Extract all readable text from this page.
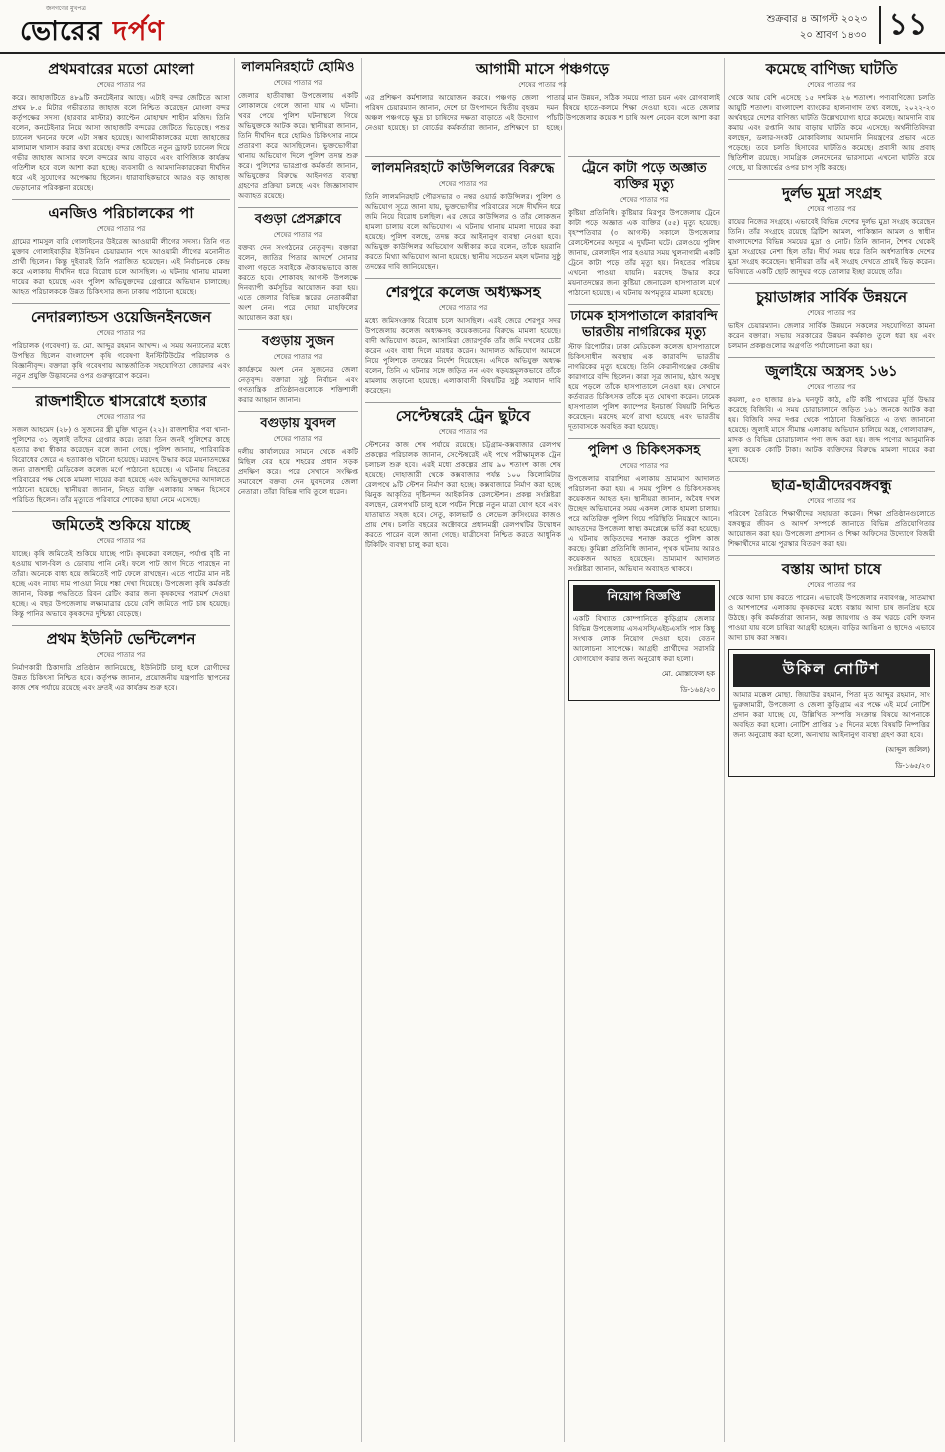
জনগণের মুখপত্র
ভোরের দর্পণ	শুক্রবার ৪ আগস্ট ২০২৩
২০ শ্রাবণ ১৪৩০ ১১
প্রথমবারের মতো মোংলা
শেষের পাতার পর
করে। জাহাজটিতে ৪৮৯টি কনটেইনার আছে। এটাই বন্দর জেটিতে আসা প্রথম ৮.৫ মিটার গভীরতার জাহাজ বলে নিশ্চিত করেছেন মোংলা বন্দর কর্তৃপক্ষের সদস্য (হারবার মাস্টার) ক্যাপ্টেন মোহাম্মদ শাহীন মজিদ। তিনি বলেন, কনটেইনার নিয়ে আসা জাহাজটি বন্দরের জেটিতে ভিড়েছে। পশুর চ্যানেল খননের ফলে এটা সম্ভব হয়েছে। আগামীকালকের মধ্যে জাহাজের মালামাল খালাস করার কথা রয়েছে। বন্দর জেটিতে নতুন ড্রাফট চ্যানেল দিয়ে গভীর জাহাজ আসার ফলে বন্দরের আয় বাড়বে এবং বাণিজ্যিক কার্যক্রম গতিশীল হবে বলে আশা করা হচ্ছে। ব্যবসায়ী ও আমদানিকারকেরা দীর্ঘদিন ধরে এই সুযোগের অপেক্ষায় ছিলেন। ধারাবাহিকভাবে আরও বড় জাহাজ ভেড়ানোর পরিকল্পনা রয়েছে।
এনজিও পরিচালকের পা
শেষের পাতার পর
গ্রামের শামসুল বারি গোলাইনের উইরেজ আওয়ামী লীগের সদস্য। তিনি গত মুক্তাব গোলাইবাড়ীর ইউনিয়ন চেয়ারম্যান পদে আওয়ামী লীগের মনোনীত প্রার্থী ছিলেন। কিন্তু দুইবারই তিনি পরাজিত হয়েছেন। এই নির্বাচনকে কেন্দ্র করে এলাকায় দীর্ঘদিন ধরে বিরোধ চলে আসছিল। এ ঘটনায় থানায় মামলা দায়ের করা হয়েছে এবং পুলিশ অভিযুক্তদের গ্রেপ্তারে অভিযান চালাচ্ছে। আহত পরিচালককে উন্নত চিকিৎসার জন্য ঢাকায় পাঠানো হয়েছে।
নেদারল্যান্ডস ওয়েজিনইনজেন
শেষের পাতার পর
পরিচালক (গবেষণা) ড. মো. আব্দুর রহমান আখন্দ। এ সময় অন্যান্যের মধ্যে উপস্থিত ছিলেন বাংলাদেশ কৃষি গবেষণা ইনস্টিটিউটের পরিচালক ও বিজ্ঞানীবৃন্দ। বক্তারা কৃষি গবেষণায় আন্তর্জাতিক সহযোগিতা জোরদার এবং নতুন প্রযুক্তি উদ্ভাবনের ওপর গুরুত্বারোপ করেন।
রাজশাহীতে শ্বাসরোধে হত্যার
শেষের পাতার পর
সজল আহমেদ (২৮) ও সুজনের স্ত্রী মুক্তি খাতুন (২২)। রাজশাহীর পবা থানা-পুলিশের ৩১ জুলাই তাঁদের গ্রেপ্তার করে। তারা তিন জনই পুলিশের কাছে হত্যার কথা স্বীকার করেছেন বলে জানা গেছে। পুলিশ জানায়, পারিবারিক বিরোধের জেরে এ হত্যাকাণ্ড ঘটানো হয়েছে। মরদেহ উদ্ধার করে ময়নাতদন্তের জন্য রাজশাহী মেডিকেল কলেজ মর্গে পাঠানো হয়েছে। এ ঘটনায় নিহতের পরিবারের পক্ষ থেকে মামলা দায়ের করা হয়েছে এবং অভিযুক্তদের আদালতে পাঠানো হয়েছে। স্থানীয়রা জানান, নিহত ব্যক্তি এলাকায় সজ্জন হিসেবে পরিচিত ছিলেন। তাঁর মৃত্যুতে পরিবারে শোকের ছায়া নেমে এসেছে।
জমিতেই শুকিয়ে যাচ্ছে
শেষের পাতার পর
যাচ্ছে। কৃষি জমিতেই শুকিয়ে যাচ্ছে পাট। কৃষকেরা বলছেন, পর্যাপ্ত বৃষ্টি না হওয়ায় খাল-বিল ও ডোবায় পানি নেই। ফলে পাট জাগ দিতে পারছেন না তাঁরা। অনেকে বাধ্য হয়ে জমিতেই পাট ফেলে রাখছেন। এতে পাটের মান নষ্ট হচ্ছে এবং ন্যায্য দাম পাওয়া নিয়ে শঙ্কা দেখা দিয়েছে। উপজেলা কৃষি কর্মকর্তা জানান, বিকল্প পদ্ধতিতে রিবন রেটিং করার জন্য কৃষকদের পরামর্শ দেওয়া হচ্ছে। এ বছর উপজেলায় লক্ষ্যমাত্রার চেয়ে বেশি জমিতে পাট চাষ হয়েছে। কিন্তু পানির অভাবে কৃষকদের দুশ্চিন্তা বেড়েছে।
প্রথম ইউনিট ভেন্টিলেশন
শেষের পাতার পর
নির্মাণকারী ঠিকাদারি প্রতিষ্ঠান জানিয়েছে, ইউনিটটি চালু হলে রোগীদের উন্নত চিকিৎসা নিশ্চিত হবে। কর্তৃপক্ষ জানান, প্রয়োজনীয় যন্ত্রপাতি স্থাপনের কাজ শেষ পর্যায়ে রয়েছে এবং দ্রুতই এর কার্যক্রম শুরু হবে।
লালমনিরহাটে হোমিও
শেষের পাতার পর
জেলার হাতীবান্ধা উপজেলায় একটি লোকালয়ে গেলে জানা যায় এ ঘটনা। খবর পেয়ে পুলিশ ঘটনাস্থলে গিয়ে অভিযুক্তকে আটক করে। স্থানীয়রা জানান, তিনি দীর্ঘদিন ধরে হোমিও চিকিৎসার নামে প্রতারণা করে আসছিলেন। ভুক্তভোগীরা থানায় অভিযোগ দিলে পুলিশ তদন্ত শুরু করে। পুলিশের ভারপ্রাপ্ত কর্মকর্তা জানান, অভিযুক্তের বিরুদ্ধে আইনগত ব্যবস্থা গ্রহণের প্রক্রিয়া চলছে এবং জিজ্ঞাসাবাদ অব্যাহত রয়েছে।
বগুড়া প্রেসক্লাবে
শেষের পাতার পর
বক্তব্য দেন সংগঠনের নেতৃবৃন্দ। বক্তারা বলেন, জাতির পিতার আদর্শে সোনার বাংলা গড়তে সবাইকে ঐক্যবদ্ধভাবে কাজ করতে হবে। শোকাবহ আগস্ট উপলক্ষে দিনব্যাপী কর্মসূচির আয়োজন করা হয়। এতে জেলার বিভিন্ন স্তরের নেতাকর্মীরা অংশ নেন। পরে দোয়া মাহফিলের আয়োজন করা হয়।
বগুড়ায় সুজন
শেষের পাতার পর
কার্যক্রমে অংশ নেন সুজনের জেলা নেতৃবৃন্দ। বক্তারা সুষ্ঠু নির্বাচন এবং গণতান্ত্রিক প্রতিষ্ঠানগুলোকে শক্তিশালী করার আহ্বান জানান।
বগুড়ায় যুবদল
শেষের পাতার পর
দলীয় কার্যালয়ের সামনে থেকে একটি মিছিল বের হয়ে শহরের প্রধান সড়ক প্রদক্ষিণ করে। পরে সেখানে সংক্ষিপ্ত সমাবেশে বক্তব্য দেন যুবদলের জেলা নেতারা। তাঁরা বিভিন্ন দাবি তুলে ধরেন।
আগামী মাসে পঞ্চগড়ে
শেষের পাতার পর
এর প্রশিক্ষণ কর্মশালার আয়োজন করবে। পঞ্চগড় জেলা পরিষদ চেয়ারম্যান জানান, দেশে চা উৎপাদনে দ্বিতীয় বৃহত্তম অঞ্চল পঞ্চগড়ে ক্ষুদ্র চা চাষিদের দক্ষতা বাড়াতে এই উদ্যোগ নেওয়া হয়েছে। চা বোর্ডের কর্মকর্তারা জানান, প্রশিক্ষণে চা পাতার মান উন্নয়ন, সঠিক সময়ে পাতা চয়ন এবং রোগবালাই দমন বিষয়ে হাতে-কলমে শিক্ষা দেওয়া হবে। এতে জেলার পাঁচটি উপজেলার কয়েক শ চাষি অংশ নেবেন বলে আশা করা হচ্ছে।
লালমনিরহাটে কাউন্সিলরের বিরুদ্ধে
শেষের পাতার পর
তিনি লালমনিরহাট পৌরসভার ৩ নম্বর ওয়ার্ড কাউন্সিলর। পুলিশ ও অভিযোগ সূত্রে জানা যায়, ভুক্তভোগীর পরিবারের সঙ্গে দীর্ঘদিন ধরে জমি নিয়ে বিরোধ চলছিল। এর জেরে কাউন্সিলর ও তাঁর লোকজন হামলা চালায় বলে অভিযোগ। এ ঘটনায় থানায় মামলা দায়ের করা হয়েছে। পুলিশ বলছে, তদন্ত করে আইনানুগ ব্যবস্থা নেওয়া হবে। অভিযুক্ত কাউন্সিলর অভিযোগ অস্বীকার করে বলেন, তাঁকে হয়রানি করতে মিথ্যা অভিযোগ আনা হয়েছে। স্থানীয় সচেতন মহল ঘটনার সুষ্ঠু তদন্তের দাবি জানিয়েছেন।
শেরপুরে কলেজ অধ্যক্ষসহ
শেষের পাতার পর
মধ্যে জমিসংক্রান্ত বিরোধ চলে আসছিল। এরই জেরে শেরপুর সদর উপজেলায় কলেজ অধ্যক্ষসহ কয়েকজনের বিরুদ্ধে মামলা হয়েছে। বাদী অভিযোগ করেন, আসামিরা জোরপূর্বক তাঁর জমি দখলের চেষ্টা করেন এবং বাধা দিলে মারধর করেন। আদালত অভিযোগ আমলে নিয়ে পুলিশকে তদন্তের নির্দেশ দিয়েছেন। এদিকে অভিযুক্ত অধ্যক্ষ বলেন, তিনি এ ঘটনার সঙ্গে জড়িত নন এবং ষড়যন্ত্রমূলকভাবে তাঁকে মামলায় জড়ানো হয়েছে। এলাকাবাসী বিষয়টির সুষ্ঠু সমাধান দাবি করেছেন।
সেপ্টেম্বরেই ট্রেন ছুটবে
শেষের পাতার পর
স্টেশনের কাজ শেষ পর্যায়ে রয়েছে। চট্টগ্রাম-কক্সবাজার রেলপথ প্রকল্পের পরিচালক জানান, সেপ্টেম্বরেই এই পথে পরীক্ষামূলক ট্রেন চলাচল শুরু হবে। এরই মধ্যে প্রকল্পের প্রায় ৯০ শতাংশ কাজ শেষ হয়েছে। দোহাজারী থেকে কক্সবাজার পর্যন্ত ১০০ কিলোমিটার রেলপথে ৯টি স্টেশন নির্মাণ করা হচ্ছে। কক্সবাজারে নির্মাণ করা হচ্ছে ঝিনুক আকৃতির দৃষ্টিনন্দন আইকনিক রেলস্টেশন। প্রকল্প সংশ্লিষ্টরা বলছেন, রেলপথটি চালু হলে পর্যটন শিল্পে নতুন মাত্রা যোগ হবে এবং যাতায়াত সহজ হবে। সেতু, কালভার্ট ও লেভেল ক্রসিংয়ের কাজও প্রায় শেষ। চলতি বছরের অক্টোবরে প্রধানমন্ত্রী রেলপথটির উদ্বোধন করতে পারেন বলে জানা গেছে। যাত্রীসেবা নিশ্চিত করতে আধুনিক টিকিটিং ব্যবস্থা চালু করা হবে।
ট্রেনে কাটা পড়ে অজ্ঞাত ব্যক্তির মৃত্যু
শেষের পাতার পর
কুষ্টিয়া প্রতিনিধি। কুষ্টিয়ার মিরপুর উপজেলায় ট্রেনে কাটা পড়ে অজ্ঞাত এক ব্যক্তির (৫৫) মৃত্যু হয়েছে। বৃহস্পতিবার (৩ আগস্ট) সকালে উপজেলার রেলস্টেশনের অদূরে এ দুর্ঘটনা ঘটে। রেলওয়ে পুলিশ জানায়, রেললাইন পার হওয়ার সময় খুলনাগামী একটি ট্রেনে কাটা পড়ে তাঁর মৃত্যু হয়। নিহতের পরিচয় এখনো পাওয়া যায়নি। মরদেহ উদ্ধার করে ময়নাতদন্তের জন্য কুষ্টিয়া জেনারেল হাসপাতাল মর্গে পাঠানো হয়েছে। এ ঘটনায় অপমৃত্যুর মামলা হয়েছে।
ঢামেক হাসপাতালে কারাবন্দি ভারতীয় নাগরিকের মৃত্যু
স্টাফ রিপোর্টার। ঢাকা মেডিকেল কলেজ হাসপাতালে চিকিৎসাধীন অবস্থায় এক কারাবন্দি ভারতীয় নাগরিকের মৃত্যু হয়েছে। তিনি কেরানীগঞ্জের কেন্দ্রীয় কারাগারে বন্দি ছিলেন। কারা সূত্র জানায়, হঠাৎ অসুস্থ হয়ে পড়লে তাঁকে হাসপাতালে নেওয়া হয়। সেখানে কর্তব্যরত চিকিৎসক তাঁকে মৃত ঘোষণা করেন। ঢামেক হাসপাতাল পুলিশ ক্যাম্পের ইনচার্জ বিষয়টি নিশ্চিত করেছেন। মরদেহ মর্গে রাখা হয়েছে এবং ভারতীয় দূতাবাসকে অবহিত করা হয়েছে।
পুলিশ ও চিকিৎসকসহ
শেষের পাতার পর
উপজেলার বারাশিয়া এলাকায় ভ্রাম্যমাণ আদালত পরিচালনা করা হয়। এ সময় পুলিশ ও চিকিৎসকসহ কয়েকজন আহত হন। স্থানীয়রা জানান, অবৈধ দখল উচ্ছেদ অভিযানের সময় একদল লোক হামলা চালায়। পরে অতিরিক্ত পুলিশ গিয়ে পরিস্থিতি নিয়ন্ত্রণে আনে। আহতদের উপজেলা স্বাস্থ্য কমপ্লেক্সে ভর্তি করা হয়েছে। এ ঘটনায় জড়িতদের শনাক্ত করতে পুলিশ কাজ করছে। কুমিল্লা প্রতিনিধি জানান, পৃথক ঘটনায় আরও কয়েকজন আহত হয়েছেন। ভ্রাম্যমাণ আদালত সংশ্লিষ্টরা জানান, অভিযান অব্যাহত থাকবে।
নিয়োগ বিজ্ঞপ্তি
একটি বিখ্যাত কোম্পানিতে কুড়িগ্রাম জেলার বিভিন্ন উপজেলায় এসএসসি/এইচএসসি পাস কিছু সংখ্যক লোক নিয়োগ দেওয়া হবে। বেতন আলোচনা সাপেক্ষে। আগ্রহী প্রার্থীদের সরাসরি যোগাযোগ করার জন্য অনুরোধ করা হলো।
মো. মোস্তাফেল হক
ডি-১৬৪/২৩
কমেছে বাণিজ্য ঘাটতি
শেষের পাতার পর
থেকে আয় বেশি এসেছে ১৫ দশমিক ২৬ শতাংশ। পণ্যবাণিজ্যে চলতি আয়ুটি শতাংশ। বাংলাদেশ ব্যাংকের হালনাগাদ তথ্য বলছে, ২০২২-২৩ অর্থবছরে দেশের বাণিজ্য ঘাটতি উল্লেখযোগ্য হারে কমেছে। আমদানি ব্যয় কমায় এবং রপ্তানি আয় বাড়ায় ঘাটতি কমে এসেছে। অর্থনীতিবিদরা বলছেন, ডলার-সংকট মোকাবিলায় আমদানি নিয়ন্ত্রণের প্রভাব এতে পড়েছে। তবে চলতি হিসাবের ঘাটতিও কমেছে। প্রবাসী আয় প্রবাহ স্থিতিশীল রয়েছে। সামগ্রিক লেনদেনের ভারসাম্যে এখনো ঘাটতি রয়ে গেছে, যা রিজার্ভের ওপর চাপ সৃষ্টি করছে।
দুর্লভ মুদ্রা সংগ্রহ
শেষের পাতার পর
রায়ের নিজের সংগ্রহে। এভাবেই বিভিন্ন দেশের দুর্লভ মুদ্রা সংগ্রহ করেছেন তিনি। তাঁর সংগ্রহে রয়েছে ব্রিটিশ আমল, পাকিস্তান আমল ও স্বাধীন বাংলাদেশের বিভিন্ন সময়ের মুদ্রা ও নোট। তিনি জানান, শৈশব থেকেই মুদ্রা সংগ্রহের নেশা ছিল তাঁর। দীর্ঘ সময় ধরে তিনি অর্ধশতাধিক দেশের মুদ্রা সংগ্রহ করেছেন। স্থানীয়রা তাঁর এই সংগ্রহ দেখতে প্রায়ই ভিড় করেন। ভবিষ্যতে একটি ছোট জাদুঘর গড়ে তোলার ইচ্ছা রয়েছে তাঁর।
চুয়াডাঙ্গার সার্বিক উন্নয়নে
শেষের পাতার পর
ভাইস চেয়ারম্যান। জেলার সার্বিক উন্নয়নে সকলের সহযোগিতা কামনা করেন বক্তারা। সভায় সরকারের উন্নয়ন কর্মকাণ্ড তুলে ধরা হয় এবং চলমান প্রকল্পগুলোর অগ্রগতি পর্যালোচনা করা হয়।
জুলাইয়ে অস্ত্রসহ ১৬১
শেষের পাতার পর
কয়লা, ৫৩ হাজার ৪৮৯ ঘনফুট কাঠ, ৫টি কষ্টি পাথরের মূর্তি উদ্ধার করেছে বিজিবি। এ সময় চোরাচালানে জড়িত ১৬১ জনকে আটক করা হয়। বিজিবি সদর দপ্তর থেকে পাঠানো বিজ্ঞপ্তিতে এ তথ্য জানানো হয়েছে। জুলাই মাসে সীমান্ত এলাকায় অভিযান চালিয়ে অস্ত্র, গোলাবারুদ, মাদক ও বিভিন্ন চোরাচালান পণ্য জব্দ করা হয়। জব্দ পণ্যের আনুমানিক মূল্য কয়েক কোটি টাকা। আটক ব্যক্তিদের বিরুদ্ধে মামলা দায়ের করা হয়েছে।
ছাত্র-ছাত্রীদেরবঙ্গবন্ধু
শেষের পাতার পর
পরিবেশ তৈরিতে শিক্ষার্থীদের সহায়তা করেন। শিক্ষা প্রতিষ্ঠানগুলোতে বঙ্গবন্ধুর জীবন ও আদর্শ সম্পর্কে জানাতে বিভিন্ন প্রতিযোগিতার আয়োজন করা হয়। উপজেলা প্রশাসন ও শিক্ষা অফিসের উদ্যোগে বিজয়ী শিক্ষার্থীদের মাঝে পুরস্কার বিতরণ করা হয়।
বস্তায় আদা চাষে
শেষের পাতার পর
থেকে আদা চাষ করতে পারেন। এভাবেই উপজেলার নবাবগঞ্জ, সাতমাথা ও আশপাশের এলাকায় কৃষকদের মধ্যে বস্তায় আদা চাষ জনপ্রিয় হয়ে উঠছে। কৃষি কর্মকর্তারা জানান, অল্প জায়গায় ও কম খরচে বেশি ফলন পাওয়া যায় বলে চাষিরা আগ্রহী হচ্ছেন। বাড়ির আঙিনা ও ছাদেও এভাবে আদা চাষ করা সম্ভব।
উকিল নোটিশ
আমার মক্কেল মোছা. জিয়াউর রহমান, পিতা মৃত আব্দুর রহমান, সাং ভুরুঙ্গামারী, উপজেলা ও জেলা কুড়িগ্রাম এর পক্ষে এই মর্মে নোটিশ প্রদান করা যাচ্ছে যে, উল্লিখিত সম্পত্তি সংক্রান্ত বিষয়ে আপনাকে অবহিত করা হলো। নোটিশ প্রাপ্তির ১৫ দিনের মধ্যে বিষয়টি নিষ্পত্তির জন্য অনুরোধ করা হলো, অন্যথায় আইনানুগ ব্যবস্থা গ্রহণ করা হবে।
(আব্দুল জলিল)
ডি-১৬৫/২৩
